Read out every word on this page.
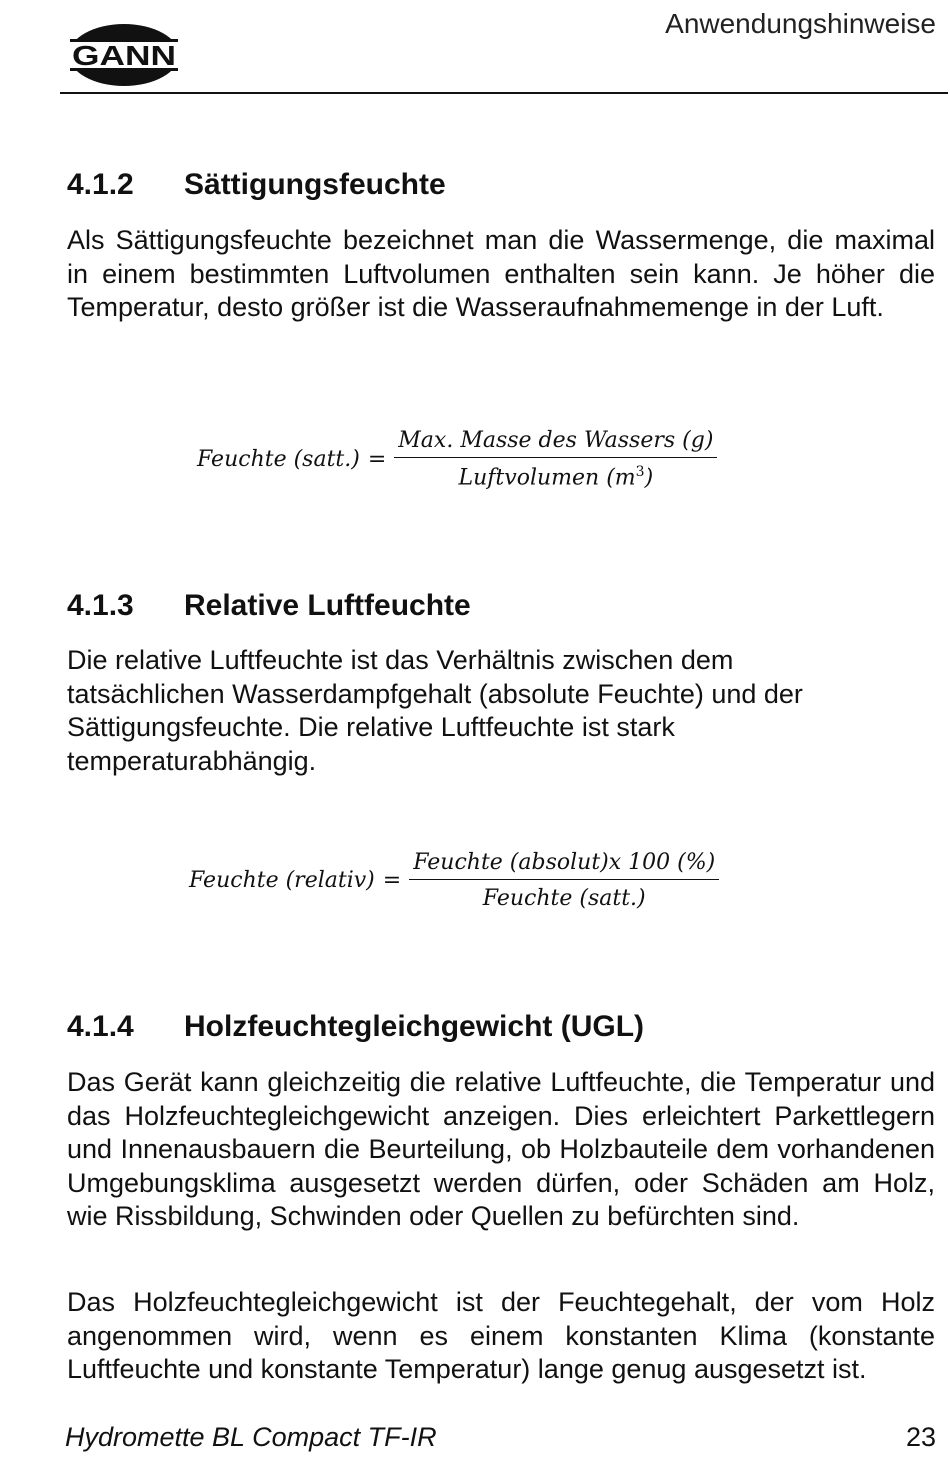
GANN
Anwendungshinweise
4.1.2 Sättigungsfeuchte
Als Sättigungsfeuchte bezeichnet man die Wassermenge, die maximal in einem bestimmten Luftvolumen enthalten sein kann. Je höher die Temperatur, desto größer ist die Wasseraufnahmemenge in der Luft.
Feuchte (satt.) = $\frac{\text{Max. Masse des Wassers (g)}}{Luftvolumen (m^3)}$
4.1.3 Relative Luftfeuchte
Die relative Luftfeuchte ist das Verhältnis zwischen dem tatsächlichen Wasserdampfgehalt (absolute Feuchte) und der Sättigungsfeuchte. Die relative Luftfeuchte ist stark temperaturabhängig.
Feuchte (relativ) = $\frac{\text{Feuchte (absolut)x 100 (\%)}}{\text{Feuchte (satt.)}}$
4.1.4 Holzfeuchtegleichgewicht (UGL)
Das Gerät kann gleichzeitig die relative Luftfeuchte, die Temperatur und das Holzfeuchtegleichgewicht anzeigen. Dies erleichtert Parkettlegern und Innenausbauern die Beurteilung, ob Holzbauteile dem vorhandenen Umgebungsklima ausgesetzt werden dürfen, oder Schäden am Holz, wie Rissbildung, Schwinden oder Quellen zu befürchten sind.
Das Holzfeuchtegleichgewicht ist der Feuchtegehalt, der vom Holz angenommen wird, wenn es einem konstanten Klima (konstante Luftfeuchte und konstante Temperatur) lange genug ausgesetzt ist.
Hydromette BL Compact TF-IR	23
